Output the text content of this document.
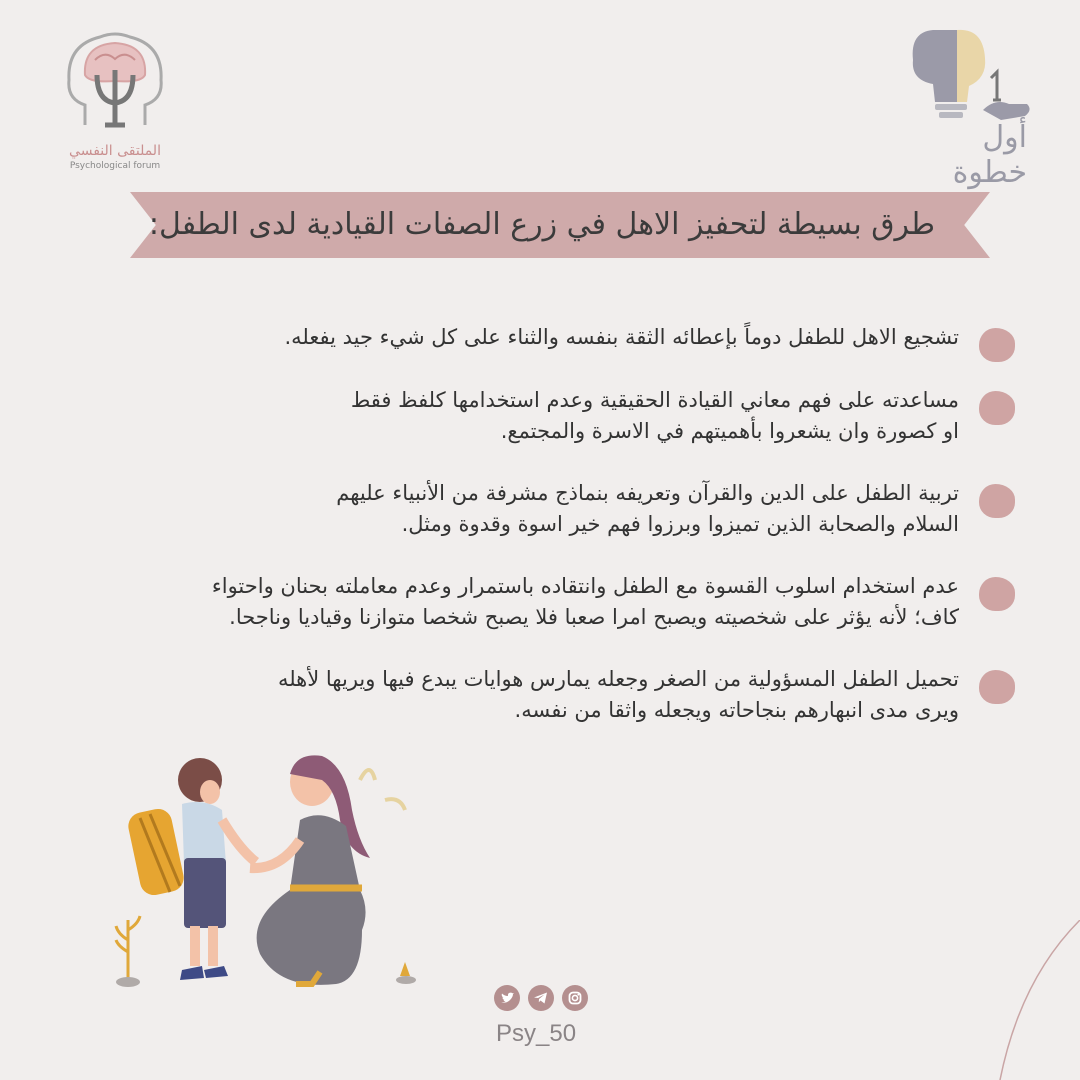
الملتقى النفسي
Psychological forum
أول خطوة
طرق بسيطة لتحفيز الاهل في زرع الصفات القيادية لدى الطفل:
تشجيع الاهل للطفل دوماً بإعطائه الثقة بنفسه والثناء على كل شيء جيد يفعله.
مساعدته على فهم معاني القيادة الحقيقية وعدم استخدامها كلفظ فقط
او كصورة وان يشعروا بأهميتهم في الاسرة والمجتمع.
تربية الطفل على الدين والقرآن وتعريفه بنماذج مشرفة من الأنبياء عليهم
السلام والصحابة الذين تميزوا وبرزوا فهم خير اسوة وقدوة ومثل.
عدم استخدام اسلوب القسوة مع الطفل وانتقاده باستمرار وعدم معاملته بحنان واحتواء
كاف؛ لأنه يؤثر على شخصيته ويصبح امرا صعبا فلا يصبح شخصا متوازنا وقياديا وناجحا.
تحميل الطفل المسؤولية من الصغر وجعله يمارس هوايات يبدع فيها ويريها لأهله
ويرى مدى انبهارهم بنجاحاته ويجعله واثقا من نفسه.
Psy_50
